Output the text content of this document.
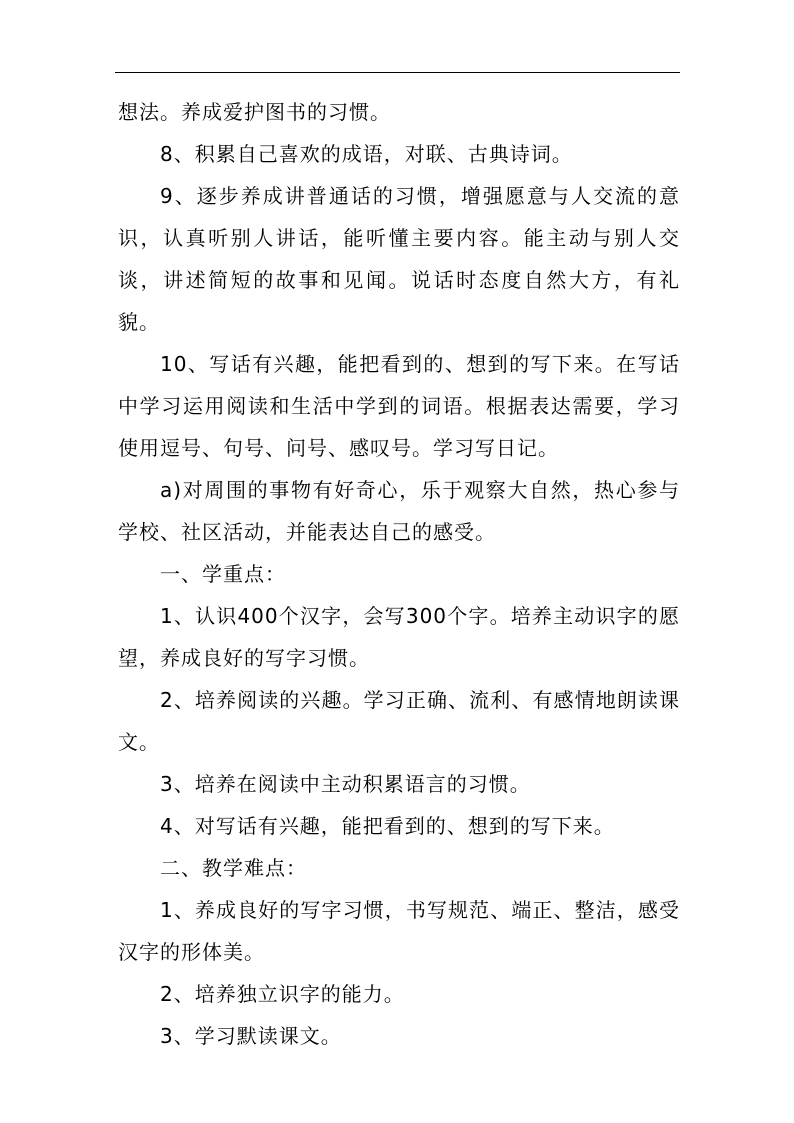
想法。养成爱护图书的习惯。

8、积累自己喜欢的成语，对联、古典诗词。

9、逐步养成讲普通话的习惯，增强愿意与人交流的意识，认真听别人讲话，能听懂主要内容。能主动与别人交谈，讲述简短的故事和见闻。说话时态度自然大方，有礼貌。

10、写话有兴趣，能把看到的、想到的写下来。在写话中学习运用阅读和生活中学到的词语。根据表达需要，学习使用逗号、句号、问号、感叹号。学习写日记。

a)对周围的事物有好奇心，乐于观察大自然，热心参与学校、社区活动，并能表达自己的感受。

一、学重点：

1、认识400个汉字，会写300个字。培养主动识字的愿望，养成良好的写字习惯。

2、培养阅读的兴趣。学习正确、流利、有感情地朗读课文。

3、培养在阅读中主动积累语言的习惯。

4、对写话有兴趣，能把看到的、想到的写下来。

二、教学难点：

1、养成良好的写字习惯，书写规范、端正、整洁，感受汉字的形体美。

2、培养独立识字的能力。

3、学习默读课文。
